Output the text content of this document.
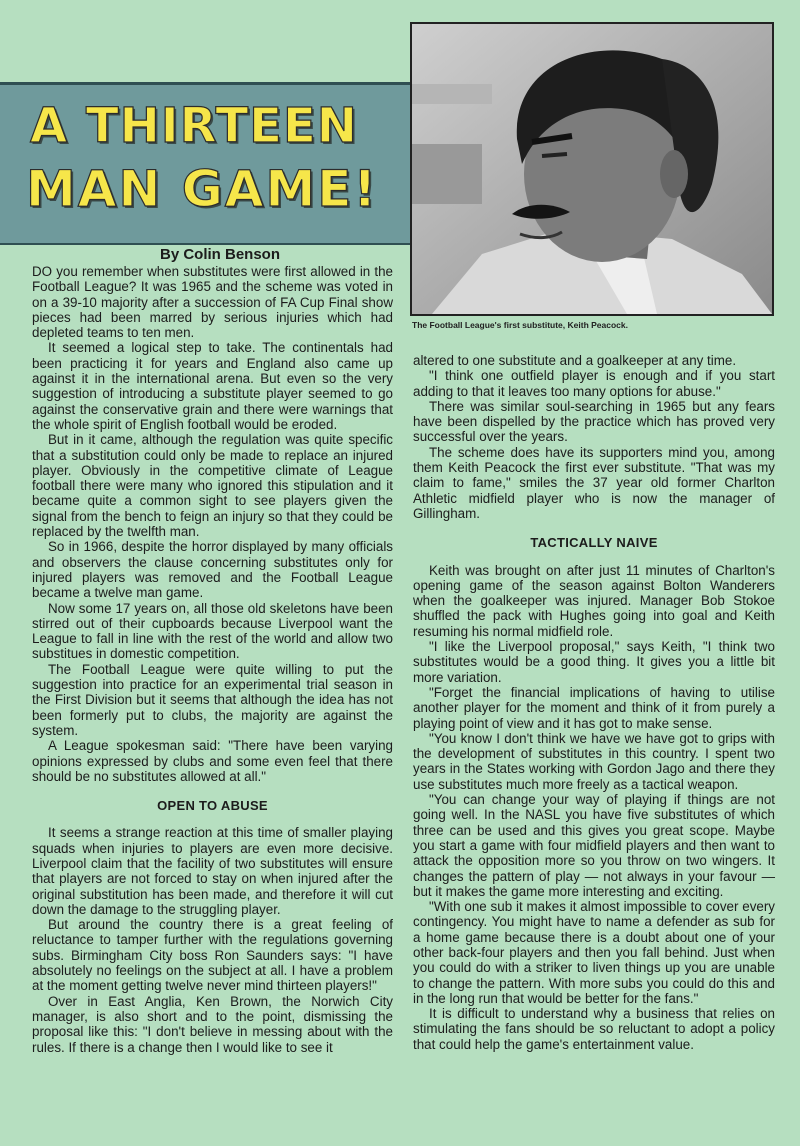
A THIRTEEN
MAN GAME!
The Football League's first substitute, Keith Peacock.
By Colin Benson

DO you remember when substitutes were first allowed in the Football League? It was 1965 and the scheme was voted in on a 39-10 majority after a succession of FA Cup Final show pieces had been marred by serious injuries which had depleted teams to ten men.

It seemed a logical step to take. The continentals had been practicing it for years and England also came up against it in the international arena. But even so the very suggestion of introducing a substitute player seemed to go against the conservative grain and there were warnings that the whole spirit of English football would be eroded.

But in it came, although the regulation was quite specific that a substitution could only be made to replace an injured player. Obviously in the competitive climate of League football there were many who ignored this stipulation and it became quite a common sight to see players given the signal from the bench to feign an injury so that they could be replaced by the twelfth man.

So in 1966, despite the horror displayed by many officials and observers the clause concerning substitutes only for injured players was removed and the Football League became a twelve man game.

Now some 17 years on, all those old skeletons have been stirred out of their cupboards because Liverpool want the League to fall in line with the rest of the world and allow two substitues in domestic competition.

The Football League were quite willing to put the suggestion into practice for an experimental trial season in the First Division but it seems that although the idea has not been formerly put to clubs, the majority are against the system.

A League spokesman said: "There have been varying opinions expressed by clubs and some even feel that there should be no substitutes allowed at all."

OPEN TO ABUSE

It seems a strange reaction at this time of smaller playing squads when injuries to players are even more decisive. Liverpool claim that the facility of two substitutes will ensure that players are not forced to stay on when injured after the original substitution has been made, and therefore it will cut down the damage to the struggling player.

But around the country there is a great feeling of reluctance to tamper further with the regulations governing subs. Birmingham City boss Ron Saunders says: "I have absolutely no feelings on the subject at all. I have a problem at the moment getting twelve never mind thirteen players!"

Over in East Anglia, Ken Brown, the Norwich City manager, is also short and to the point, dismissing the proposal like this: "I don't believe in messing about with the rules. If there is a change then I would like to see it

altered to one substitute and a goalkeeper at any time.

"I think one outfield player is enough and if you start adding to that it leaves too many options for abuse."

There was similar soul-searching in 1965 but any fears have been dispelled by the practice which has proved very successful over the years.

The scheme does have its supporters mind you, among them Keith Peacock the first ever substitute. "That was my claim to fame," smiles the 37 year old former Charlton Athletic midfield player who is now the manager of Gillingham.

TACTICALLY NAIVE

Keith was brought on after just 11 minutes of Charlton's opening game of the season against Bolton Wanderers when the goalkeeper was injured. Manager Bob Stokoe shuffled the pack with Hughes going into goal and Keith resuming his normal midfield role.

"I like the Liverpool proposal," says Keith, "I think two substitutes would be a good thing. It gives you a little bit more variation.

"Forget the financial implications of having to utilise another player for the moment and think of it from purely a playing point of view and it has got to make sense.

"You know I don't think we have we have got to grips with the development of substitutes in this country. I spent two years in the States working with Gordon Jago and there they use substitutes much more freely as a tactical weapon.

"You can change your way of playing if things are not going well. In the NASL you have five substitutes of which three can be used and this gives you great scope. Maybe you start a game with four midfield players and then want to attack the opposition more so you throw on two wingers. It changes the pattern of play — not always in your favour — but it makes the game more interesting and exciting.

"With one sub it makes it almost impossible to cover every contingency. You might have to name a defender as sub for a home game because there is a doubt about one of your other back-four players and then you fall behind. Just when you could do with a striker to liven things up you are unable to change the pattern. With more subs you could do this and in the long run that would be better for the fans."

It is difficult to understand why a business that relies on stimulating the fans should be so reluctant to adopt a policy that could help the game's entertainment value.
